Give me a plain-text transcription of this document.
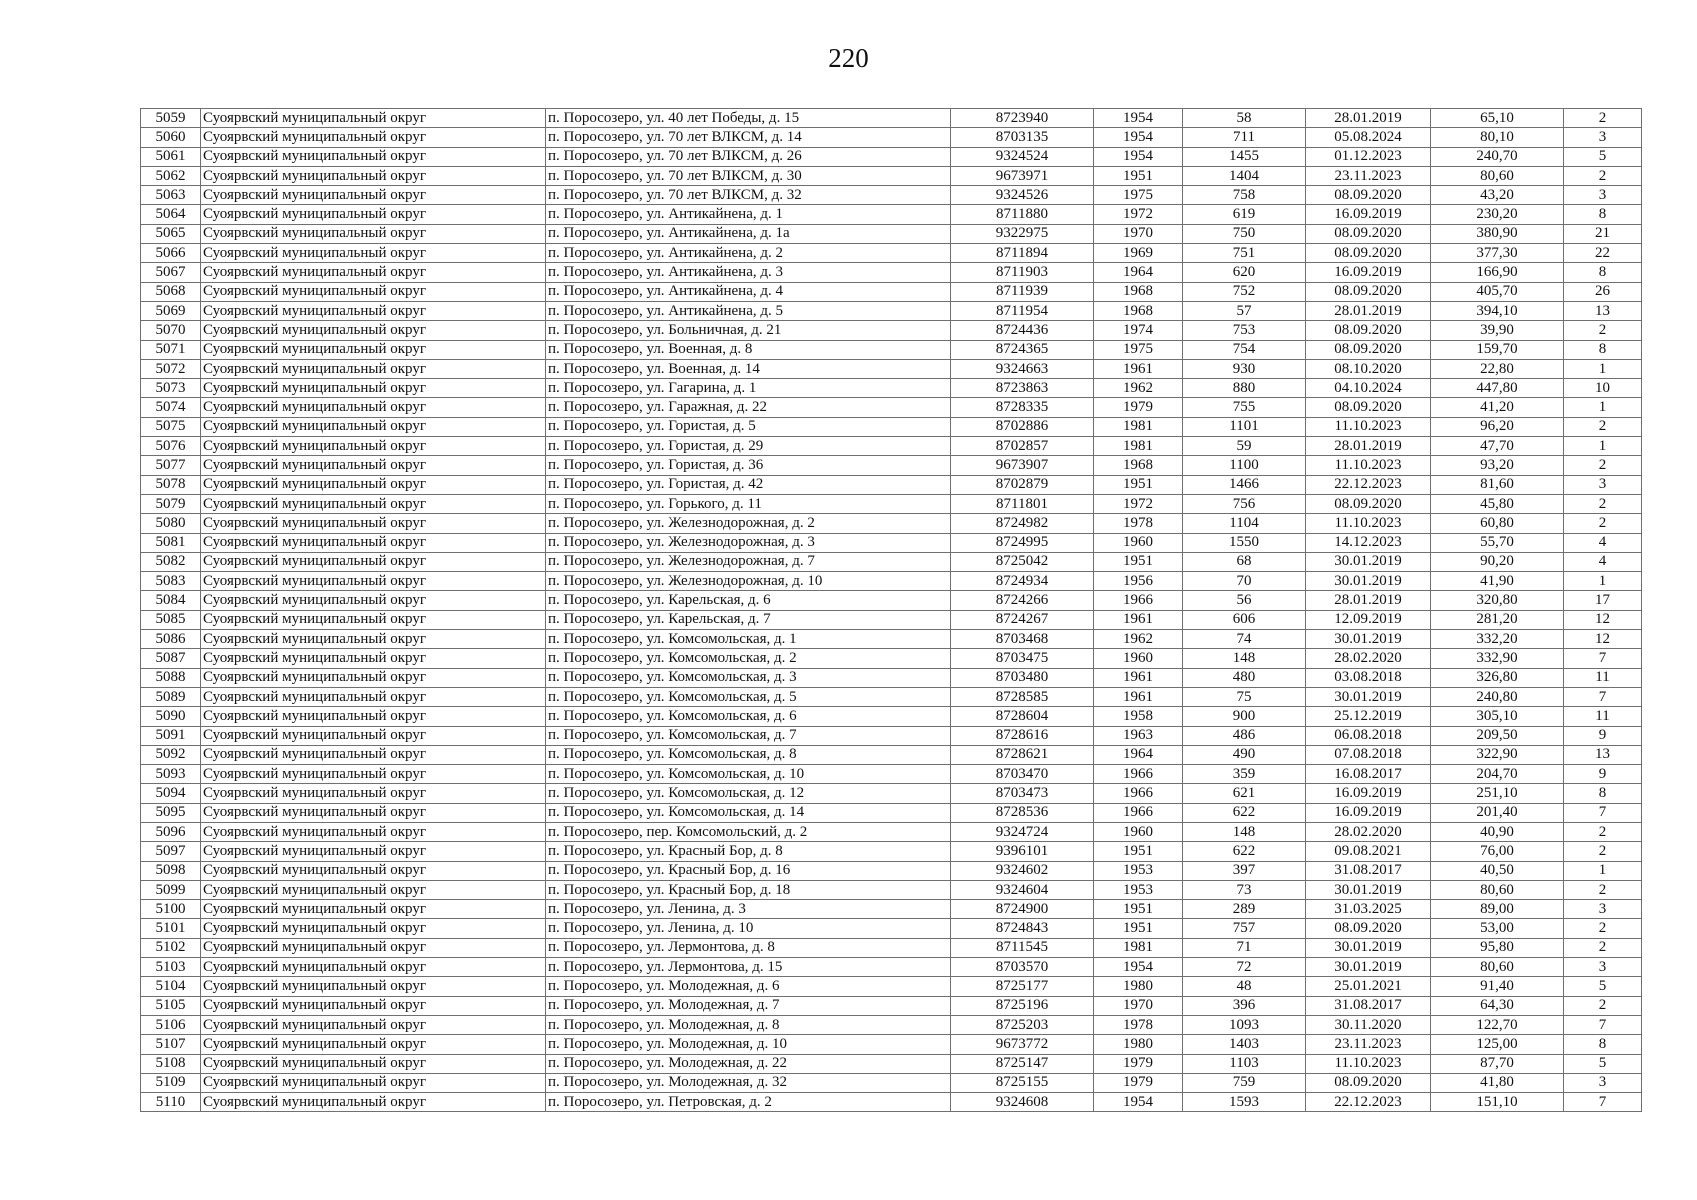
220
5059	Суоярвский муниципальный округ	п. Поросозеро, ул. 40 лет Победы, д. 15	8723940	1954	58	28.01.2019	65,10	2
5060	Суоярвский муниципальный округ	п. Поросозеро, ул. 70 лет ВЛКСМ, д. 14	8703135	1954	711	05.08.2024	80,10	3
5061	Суоярвский муниципальный округ	п. Поросозеро, ул. 70 лет ВЛКСМ, д. 26	9324524	1954	1455	01.12.2023	240,70	5
5062	Суоярвский муниципальный округ	п. Поросозеро, ул. 70 лет ВЛКСМ, д. 30	9673971	1951	1404	23.11.2023	80,60	2
5063	Суоярвский муниципальный округ	п. Поросозеро, ул. 70 лет ВЛКСМ, д. 32	9324526	1975	758	08.09.2020	43,20	3
5064	Суоярвский муниципальный округ	п. Поросозеро, ул. Антикайнена, д. 1	8711880	1972	619	16.09.2019	230,20	8
5065	Суоярвский муниципальный округ	п. Поросозеро, ул. Антикайнена, д. 1а	9322975	1970	750	08.09.2020	380,90	21
5066	Суоярвский муниципальный округ	п. Поросозеро, ул. Антикайнена, д. 2	8711894	1969	751	08.09.2020	377,30	22
5067	Суоярвский муниципальный округ	п. Поросозеро, ул. Антикайнена, д. 3	8711903	1964	620	16.09.2019	166,90	8
5068	Суоярвский муниципальный округ	п. Поросозеро, ул. Антикайнена, д. 4	8711939	1968	752	08.09.2020	405,70	26
5069	Суоярвский муниципальный округ	п. Поросозеро, ул. Антикайнена, д. 5	8711954	1968	57	28.01.2019	394,10	13
5070	Суоярвский муниципальный округ	п. Поросозеро, ул. Больничная, д. 21	8724436	1974	753	08.09.2020	39,90	2
5071	Суоярвский муниципальный округ	п. Поросозеро, ул. Военная, д. 8	8724365	1975	754	08.09.2020	159,70	8
5072	Суоярвский муниципальный округ	п. Поросозеро, ул. Военная, д. 14	9324663	1961	930	08.10.2020	22,80	1
5073	Суоярвский муниципальный округ	п. Поросозеро, ул. Гагарина, д. 1	8723863	1962	880	04.10.2024	447,80	10
5074	Суоярвский муниципальный округ	п. Поросозеро, ул. Гаражная, д. 22	8728335	1979	755	08.09.2020	41,20	1
5075	Суоярвский муниципальный округ	п. Поросозеро, ул. Гористая, д. 5	8702886	1981	1101	11.10.2023	96,20	2
5076	Суоярвский муниципальный округ	п. Поросозеро, ул. Гористая, д. 29	8702857	1981	59	28.01.2019	47,70	1
5077	Суоярвский муниципальный округ	п. Поросозеро, ул. Гористая, д. 36	9673907	1968	1100	11.10.2023	93,20	2
5078	Суоярвский муниципальный округ	п. Поросозеро, ул. Гористая, д. 42	8702879	1951	1466	22.12.2023	81,60	3
5079	Суоярвский муниципальный округ	п. Поросозеро, ул. Горького, д. 11	8711801	1972	756	08.09.2020	45,80	2
5080	Суоярвский муниципальный округ	п. Поросозеро, ул. Железнодорожная, д. 2	8724982	1978	1104	11.10.2023	60,80	2
5081	Суоярвский муниципальный округ	п. Поросозеро, ул. Железнодорожная, д. 3	8724995	1960	1550	14.12.2023	55,70	4
5082	Суоярвский муниципальный округ	п. Поросозеро, ул. Железнодорожная, д. 7	8725042	1951	68	30.01.2019	90,20	4
5083	Суоярвский муниципальный округ	п. Поросозеро, ул. Железнодорожная, д. 10	8724934	1956	70	30.01.2019	41,90	1
5084	Суоярвский муниципальный округ	п. Поросозеро, ул. Карельская, д. 6	8724266	1966	56	28.01.2019	320,80	17
5085	Суоярвский муниципальный округ	п. Поросозеро, ул. Карельская, д. 7	8724267	1961	606	12.09.2019	281,20	12
5086	Суоярвский муниципальный округ	п. Поросозеро, ул. Комсомольская, д. 1	8703468	1962	74	30.01.2019	332,20	12
5087	Суоярвский муниципальный округ	п. Поросозеро, ул. Комсомольская, д. 2	8703475	1960	148	28.02.2020	332,90	7
5088	Суоярвский муниципальный округ	п. Поросозеро, ул. Комсомольская, д. 3	8703480	1961	480	03.08.2018	326,80	11
5089	Суоярвский муниципальный округ	п. Поросозеро, ул. Комсомольская, д. 5	8728585	1961	75	30.01.2019	240,80	7
5090	Суоярвский муниципальный округ	п. Поросозеро, ул. Комсомольская, д. 6	8728604	1958	900	25.12.2019	305,10	11
5091	Суоярвский муниципальный округ	п. Поросозеро, ул. Комсомольская, д. 7	8728616	1963	486	06.08.2018	209,50	9
5092	Суоярвский муниципальный округ	п. Поросозеро, ул. Комсомольская, д. 8	8728621	1964	490	07.08.2018	322,90	13
5093	Суоярвский муниципальный округ	п. Поросозеро, ул. Комсомольская, д. 10	8703470	1966	359	16.08.2017	204,70	9
5094	Суоярвский муниципальный округ	п. Поросозеро, ул. Комсомольская, д. 12	8703473	1966	621	16.09.2019	251,10	8
5095	Суоярвский муниципальный округ	п. Поросозеро, ул. Комсомольская, д. 14	8728536	1966	622	16.09.2019	201,40	7
5096	Суоярвский муниципальный округ	п. Поросозеро, пер. Комсомольский, д. 2	9324724	1960	148	28.02.2020	40,90	2
5097	Суоярвский муниципальный округ	п. Поросозеро, ул. Красный Бор, д. 8	9396101	1951	622	09.08.2021	76,00	2
5098	Суоярвский муниципальный округ	п. Поросозеро, ул. Красный Бор, д. 16	9324602	1953	397	31.08.2017	40,50	1
5099	Суоярвский муниципальный округ	п. Поросозеро, ул. Красный Бор, д. 18	9324604	1953	73	30.01.2019	80,60	2
5100	Суоярвский муниципальный округ	п. Поросозеро, ул. Ленина, д. 3	8724900	1951	289	31.03.2025	89,00	3
5101	Суоярвский муниципальный округ	п. Поросозеро, ул. Ленина, д. 10	8724843	1951	757	08.09.2020	53,00	2
5102	Суоярвский муниципальный округ	п. Поросозеро, ул. Лермонтова, д. 8	8711545	1981	71	30.01.2019	95,80	2
5103	Суоярвский муниципальный округ	п. Поросозеро, ул. Лермонтова, д. 15	8703570	1954	72	30.01.2019	80,60	3
5104	Суоярвский муниципальный округ	п. Поросозеро, ул. Молодежная, д. 6	8725177	1980	48	25.01.2021	91,40	5
5105	Суоярвский муниципальный округ	п. Поросозеро, ул. Молодежная, д. 7	8725196	1970	396	31.08.2017	64,30	2
5106	Суоярвский муниципальный округ	п. Поросозеро, ул. Молодежная, д. 8	8725203	1978	1093	30.11.2020	122,70	7
5107	Суоярвский муниципальный округ	п. Поросозеро, ул. Молодежная, д. 10	9673772	1980	1403	23.11.2023	125,00	8
5108	Суоярвский муниципальный округ	п. Поросозеро, ул. Молодежная, д. 22	8725147	1979	1103	11.10.2023	87,70	5
5109	Суоярвский муниципальный округ	п. Поросозеро, ул. Молодежная, д. 32	8725155	1979	759	08.09.2020	41,80	3
5110	Суоярвский муниципальный округ	п. Поросозеро, ул. Петровская, д. 2	9324608	1954	1593	22.12.2023	151,10	7
